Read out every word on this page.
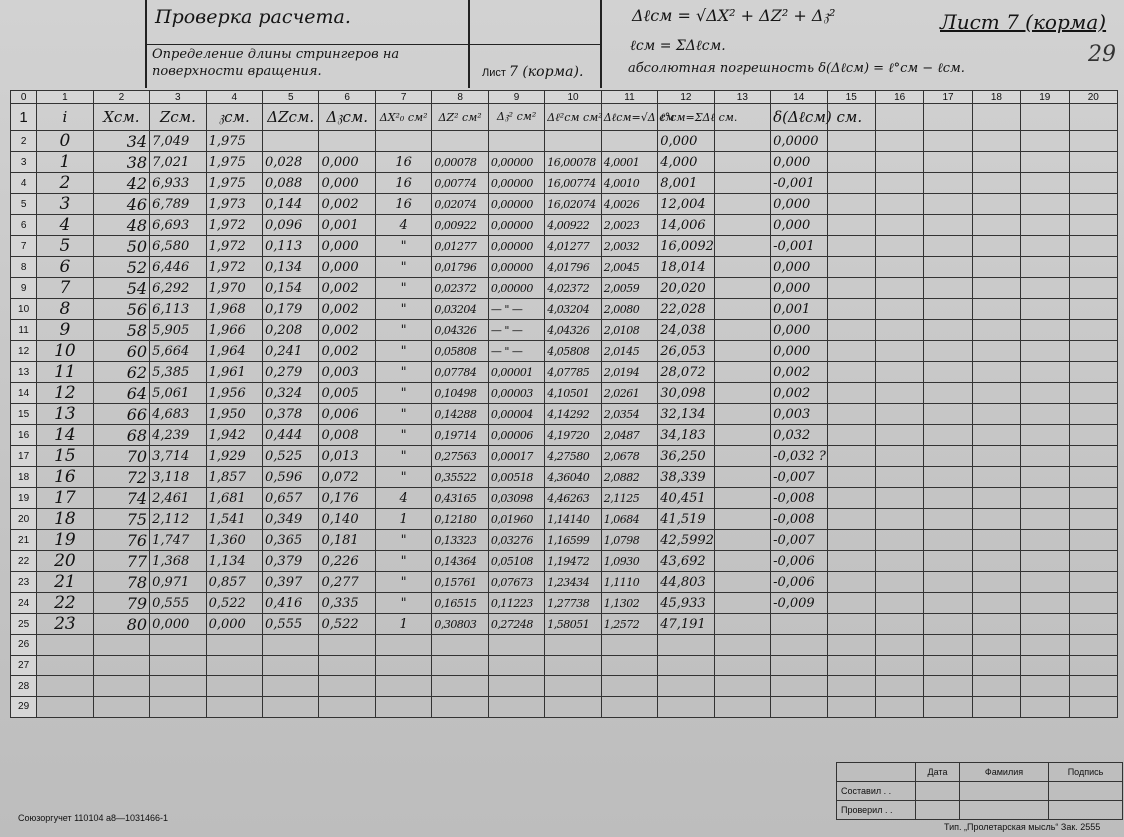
Проверка расчета.
Определение длины стрингеров на
поверхности вращения.	Лист 7 (корма).
Δℓсм = √ΔX² + ΔZ² + Δ𝔷²
ℓсм = ΣΔℓсм.
абсолютная погрешность δ(Δℓсм) = ℓ°см − ℓсм.
Лист 7 (корма)
29
0	1	2	3	4	5	6	7	8	9	10	11	12	13	14	15	16	17	18	19	20
1	i	Xсм.	Zсм.	𝔷см.	ΔZсм.	Δ𝔷см.	ΔX²₀ см²	ΔZ² см²	Δ𝔷² см²	Δℓ²см см²	Δℓсм=√Δ см	ℓ°см=ΣΔℓ см.		δ(Δℓсм) см.						
2	0	34	7,049	1,975								0,000		0,0000						
3	1	38	7,021	1,975	0,028	0,000	16	0,00078	0,00000	16,00078	4,0001	4,000		0,000						
4	2	42	6,933	1,975	0,088	0,000	16	0,00774	0,00000	16,00774	4,0010	8,001		-0,001						
5	3	46	6,789	1,973	0,144	0,002	16	0,02074	0,00000	16,02074	4,0026	12,004		0,000						
6	4	48	6,693	1,972	0,096	0,001	4	0,00922	0,00000	4,00922	2,0023	14,006		0,000						
7	5	50	6,580	1,972	0,113	0,000	"	0,01277	0,00000	4,01277	2,0032	16,0092		-0,001						
8	6	52	6,446	1,972	0,134	0,000	"	0,01796	0,00000	4,01796	2,0045	18,014		0,000						
9	7	54	6,292	1,970	0,154	0,002	"	0,02372	0,00000	4,02372	2,0059	20,020		0,000						
10	8	56	6,113	1,968	0,179	0,002	"	0,03204	— " —	4,03204	2,0080	22,028		0,001						
11	9	58	5,905	1,966	0,208	0,002	"	0,04326	— " —	4,04326	2,0108	24,038		0,000						
12	10	60	5,664	1,964	0,241	0,002	"	0,05808	— " —	4,05808	2,0145	26,053		0,000						
13	11	62	5,385	1,961	0,279	0,003	"	0,07784	0,00001	4,07785	2,0194	28,072		0,002						
14	12	64	5,061	1,956	0,324	0,005	"	0,10498	0,00003	4,10501	2,0261	30,098		0,002						
15	13	66	4,683	1,950	0,378	0,006	"	0,14288	0,00004	4,14292	2,0354	32,134		0,003						
16	14	68	4,239	1,942	0,444	0,008	"	0,19714	0,00006	4,19720	2,0487	34,183		0,032						
17	15	70	3,714	1,929	0,525	0,013	"	0,27563	0,00017	4,27580	2,0678	36,250		-0,032 ?						
18	16	72	3,118	1,857	0,596	0,072	"	0,35522	0,00518	4,36040	2,0882	38,339		-0,007						
19	17	74	2,461	1,681	0,657	0,176	4	0,43165	0,03098	4,46263	2,1125	40,451		-0,008						
20	18	75	2,112	1,541	0,349	0,140	1	0,12180	0,01960	1,14140	1,0684	41,519		-0,008						
21	19	76	1,747	1,360	0,365	0,181	"	0,13323	0,03276	1,16599	1,0798	42,5992		-0,007						
22	20	77	1,368	1,134	0,379	0,226	"	0,14364	0,05108	1,19472	1,0930	43,692		-0,006						
23	21	78	0,971	0,857	0,397	0,277	"	0,15761	0,07673	1,23434	1,1110	44,803		-0,006						
24	22	79	0,555	0,522	0,416	0,335	"	0,16515	0,11223	1,27738	1,1302	45,933		-0,009						
25	23	80	0,000	0,000	0,555	0,522	1	0,30803	0,27248	1,58051	1,2572	47,191								
26																				
27																				
28																				
29																				
	Дата	Фамилия	Подпись
Составил . .			
Проверил . .			
Союзоргучет 110104 а8—1031466-1
Тип. „Пролетарская мысль“ Зак. 2555
